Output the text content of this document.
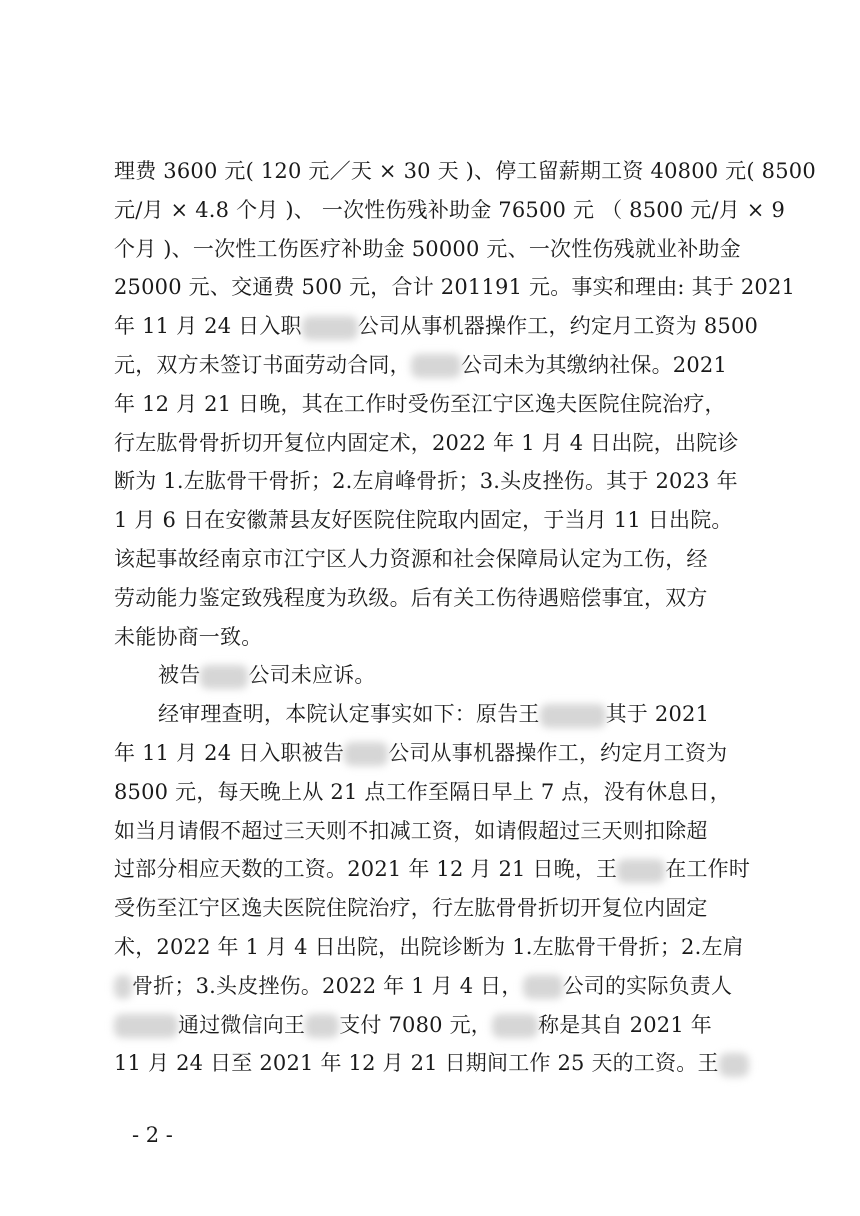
理费 3600 元( 120 元／天 × 30 天 )、停工留薪期工资 40800 元( 8500
元/月 × 4.8 个月 )、 一次性伤残补助金 76500 元 （ 8500 元/月 × 9
个月 )、一次性工伤医疗补助金 50000 元、一次性伤残就业补助金
25000 元、交通费 500 元，合计 201191 元。事实和理由: 其于 2021
年 11 月 24 日入职	公司从事机器操作工，约定月工资为 8500
元，双方未签订书面劳动合同， 公司未为其缴纳社保。2021
年 12 月 21 日晚，其在工作时受伤至江宁区逸夫医院住院治疗，
行左肱骨骨折切开复位内固定术，2022 年 1 月 4 日出院，出院诊
断为 1.左肱骨干骨折；2.左肩峰骨折；3.头皮挫伤。其于 2023 年
1 月 6 日在安徽萧县友好医院住院取内固定，于当月 11 日出院。
该起事故经南京市江宁区人力资源和社会保障局认定为工伤，经
劳动能力鉴定致残程度为玖级。后有关工伤待遇赔偿事宜，双方
未能协商一致。
被告 公司未应诉。
经审理查明，本院认定事实如下：原告王	其于 2021
年 11 月 24 日入职被告 公司从事机器操作工，约定月工资为
8500 元，每天晚上从 21 点工作至隔日早上 7 点，没有休息日，
如当月请假不超过三天则不扣减工资，如请假超过三天则扣除超
过部分相应天数的工资。2021 年 12 月 21 日晚，王 在工作时
受伤至江宁区逸夫医院住院治疗，行左肱骨骨折切开复位内固定
术，2022 年 1 月 4 日出院，出院诊断为 1.左肱骨干骨折；2.左肩
骨折；3.头皮挫伤。2022 年 1 月 4 日， 公司的实际负责人
通过微信向王 支付 7080 元， 称是其自 2021 年
11 月 24 日至 2021 年 12 月 21 日期间工作 25 天的工资。王
- 2 -
